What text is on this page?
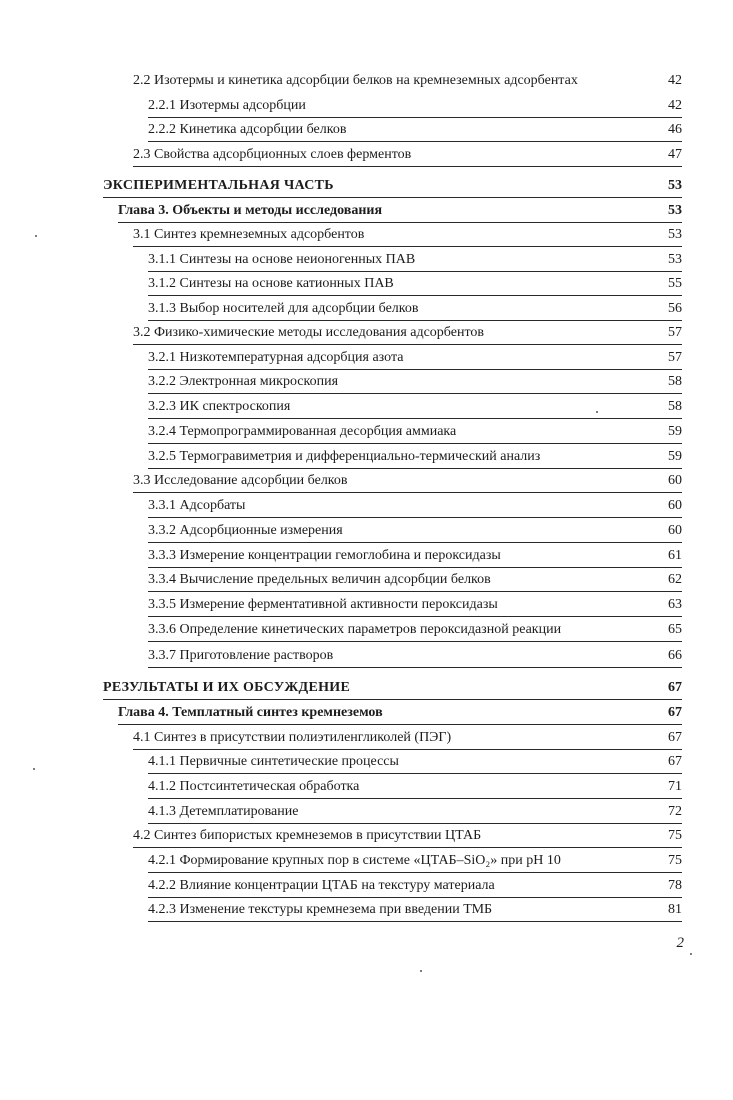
2.2 Изотермы и кинетика адсорбции белков на кремнеземных адсорбентах	42
2.2.1 Изотермы адсорбции	42
2.2.2 Кинетика адсорбции белков	46
2.3 Свойства адсорбционных слоев ферментов	47
ЭКСПЕРИМЕНТАЛЬНАЯ ЧАСТЬ	53
Глава 3. Объекты и методы исследования	53
3.1 Синтез кремнеземных адсорбентов	53
3.1.1 Синтезы на основе неионогенных ПАВ	53
3.1.2 Синтезы на основе катионных ПАВ	55
3.1.3 Выбор носителей для адсорбции белков	56
3.2 Физико-химические методы исследования адсорбентов	57
3.2.1 Низкотемпературная адсорбция азота	57
3.2.2 Электронная микроскопия	58
3.2.3 ИК спектроскопия	58
3.2.4 Термопрограммированная десорбция аммиака	59
3.2.5 Термогравиметрия и дифференциально-термический анализ	59
3.3 Исследование адсорбции белков	60
3.3.1 Адсорбаты	60
3.3.2 Адсорбционные измерения	60
3.3.3 Измерение концентрации гемоглобина и пероксидазы	61
3.3.4 Вычисление предельных величин адсорбции белков	62
3.3.5 Измерение ферментативной активности пероксидазы	63
3.3.6 Определение кинетических параметров пероксидазной реакции	65
3.3.7 Приготовление растворов	66
РЕЗУЛЬТАТЫ И ИХ ОБСУЖДЕНИЕ	67
Глава 4. Темплатный синтез кремнеземов	67
4.1 Синтез в присутствии полиэтиленгликолей (ПЭГ)	67
4.1.1 Первичные синтетические процессы	67
4.1.2 Постсинтетическая обработка	71
4.1.3 Детемплатирование	72
4.2 Синтез бипористых кремнеземов в присутствии ЦТАБ	75
4.2.1 Формирование крупных пор в системе «ЦТАБ–SiO₂» при pH 10	75
4.2.2 Влияние концентрации ЦТАБ на текстуру материала	78
4.2.3 Изменение текстуры кремнезема при введении ТМБ	81
2
